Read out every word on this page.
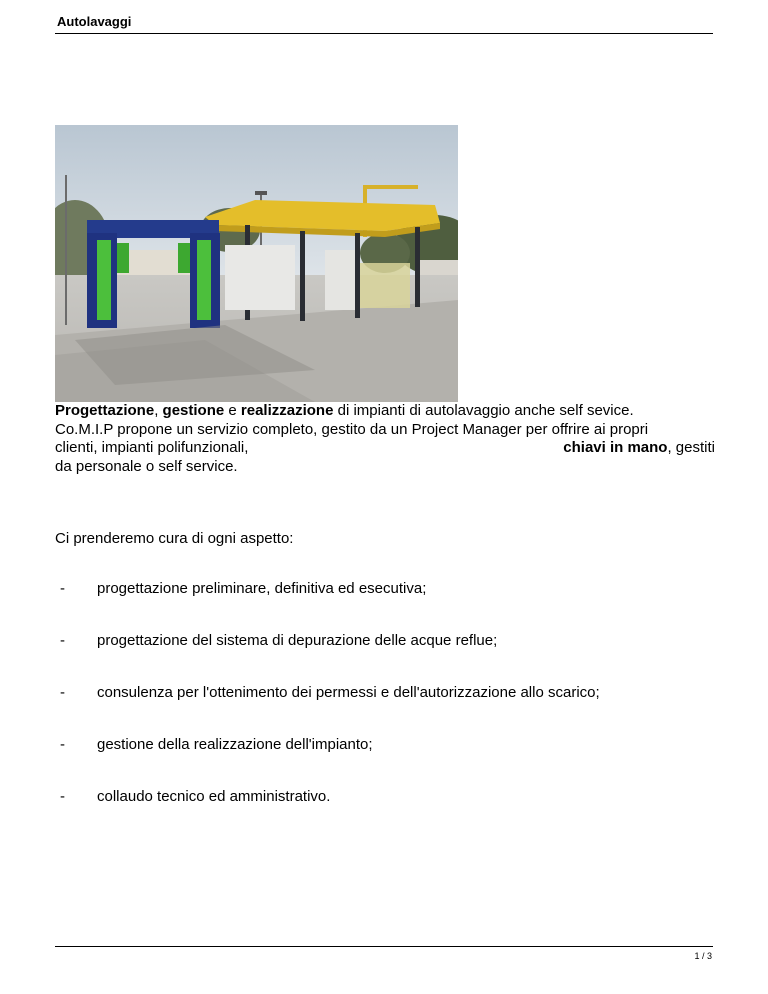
Autolavaggi

Progettazione, gestione e realizzazione di impianti di autolavaggio anche self sevice.

Co.M.I.P propone un servizio completo, gestito da un Project Manager per offrire ai propri

clienti, impianti polifunzionali,	chiavi in mano, gestiti

da personale o self service.

Ci prenderemo cura di ogni aspetto:
-	progettazione preliminare, definitiva ed esecutiva;
-	progettazione del sistema di depurazione delle acque reflue;
-	consulenza per l'ottenimento dei permessi e dell'autorizzazione allo scarico;
-	gestione della realizzazione dell'impianto;
-	collaudo tecnico ed amministrativo.
1 / 3
